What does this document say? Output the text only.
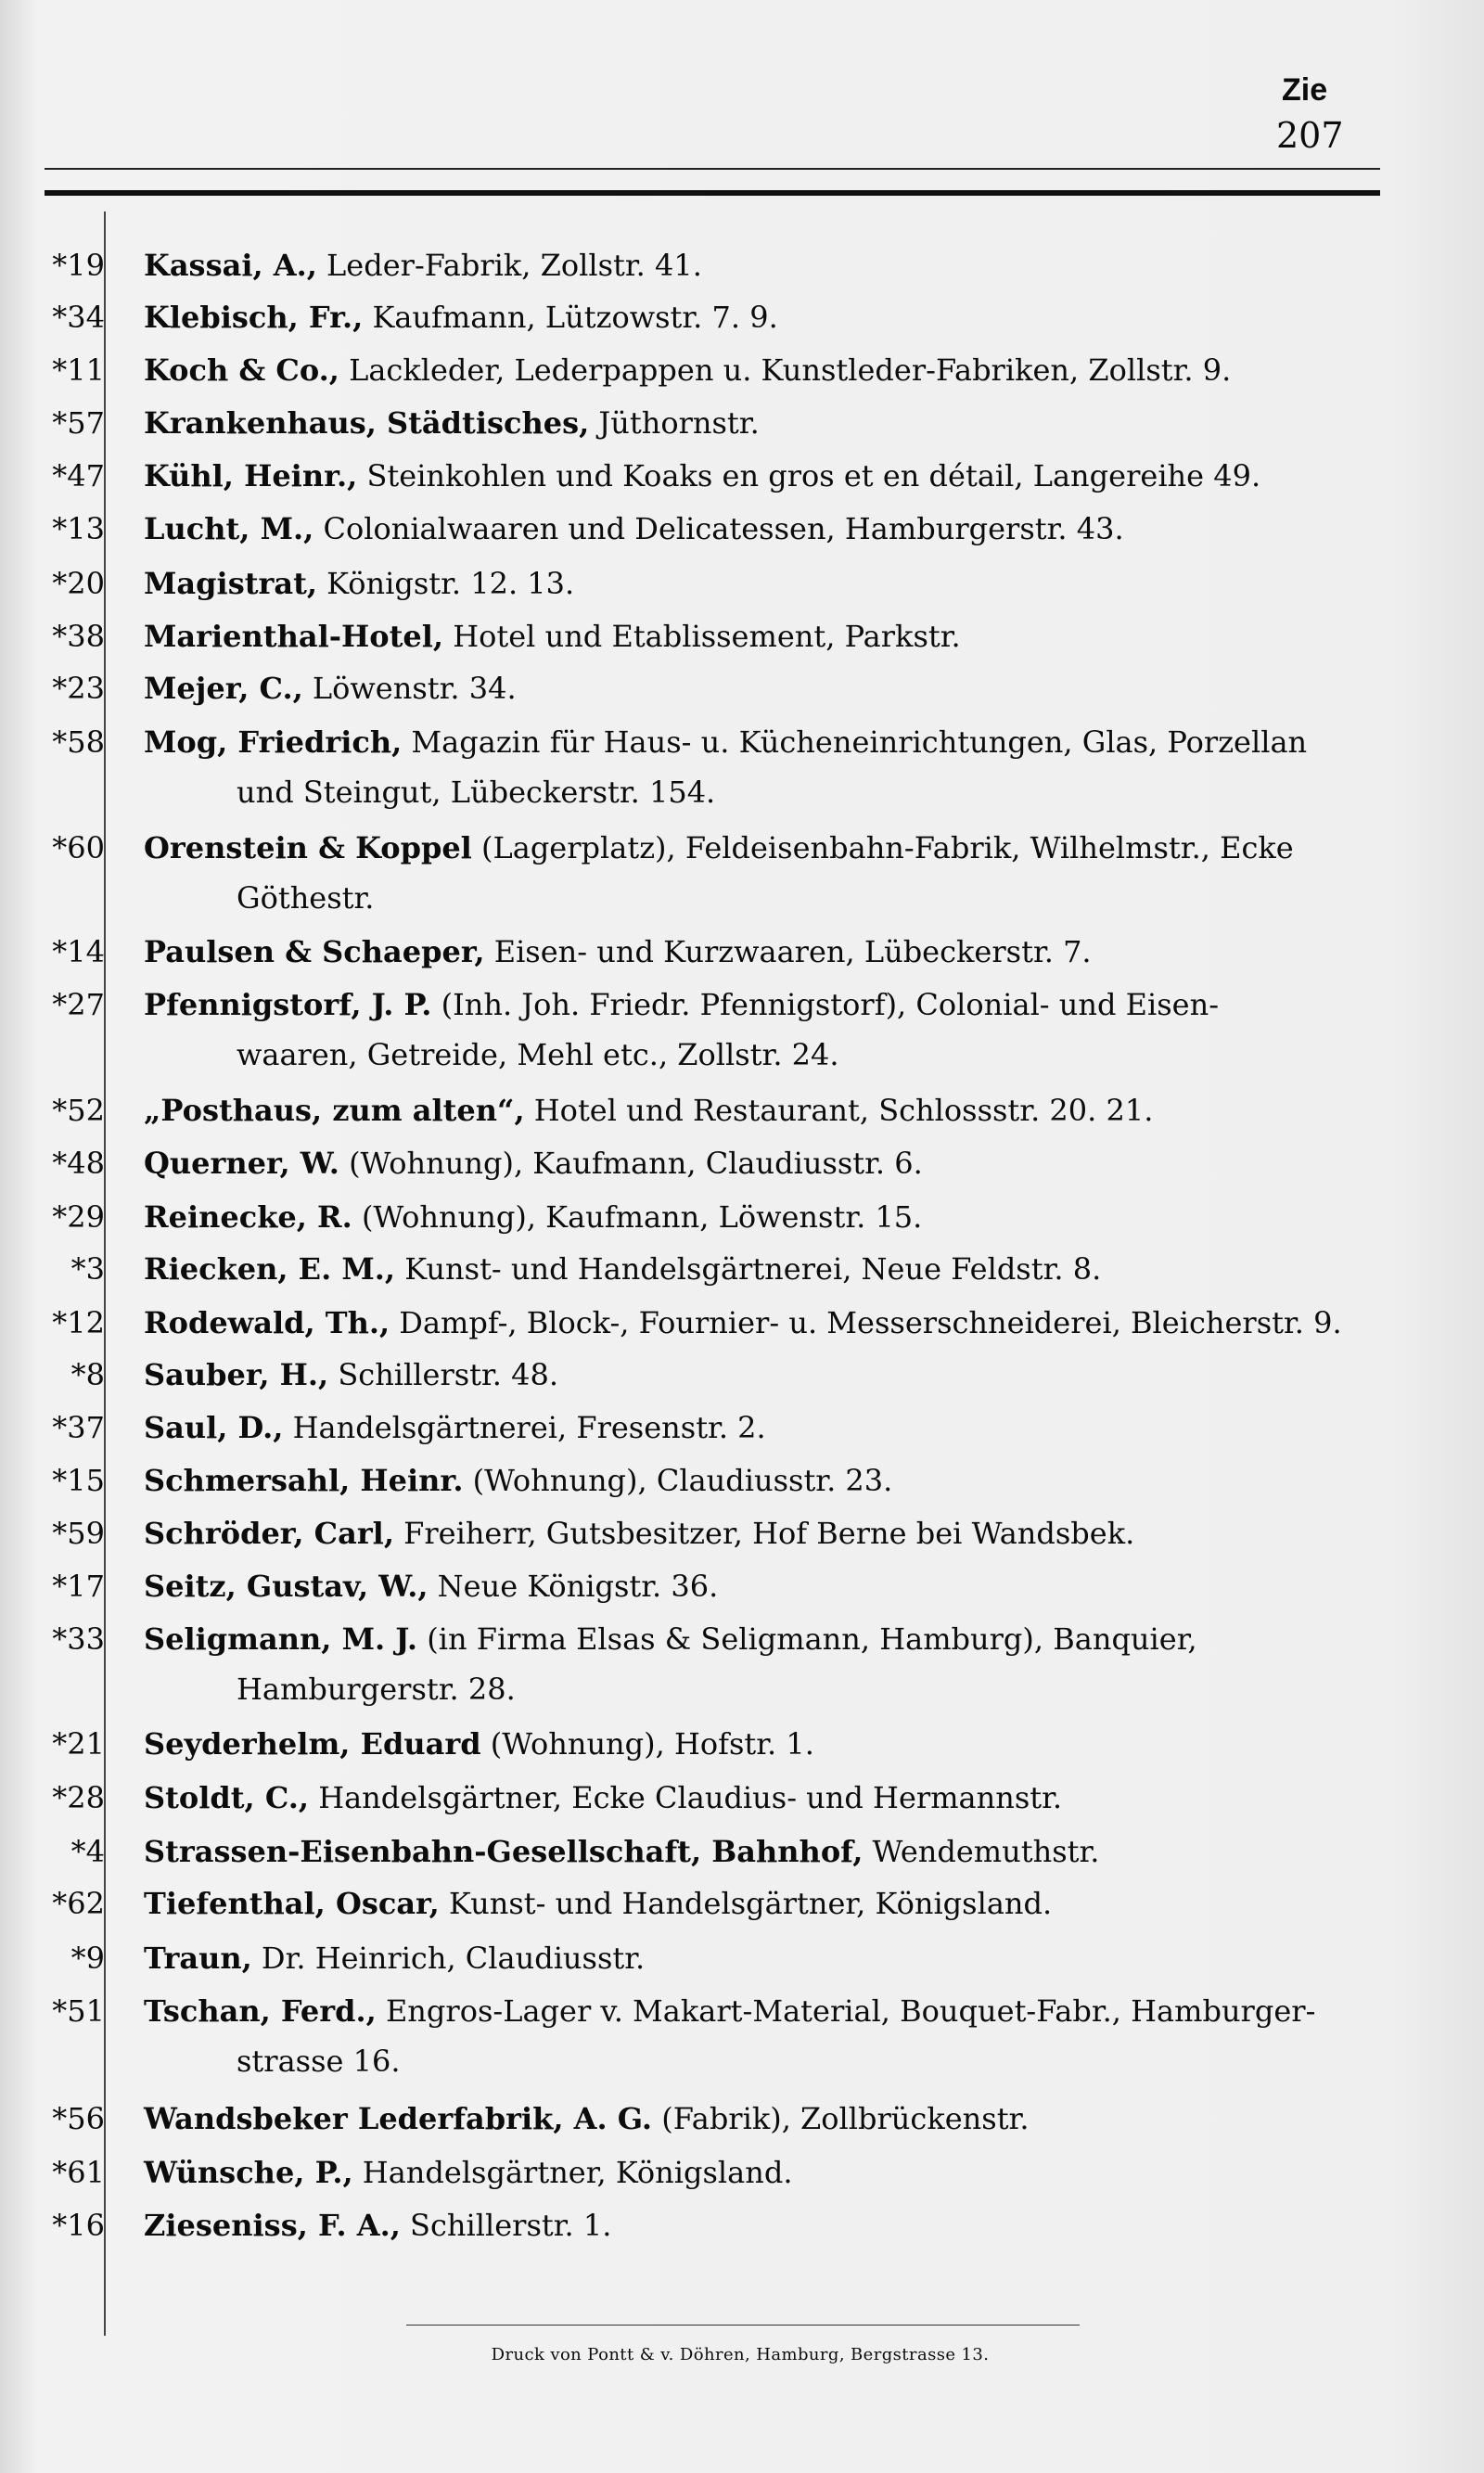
Zie
207
*19 Kassai, A., Leder-Fabrik, Zollstr. 41.
*34 Klebisch, Fr., Kaufmann, Lützowstr. 7. 9.
*11 Koch & Co., Lackleder, Lederpappen u. Kunstleder-Fabriken, Zollstr. 9.
*57 Krankenhaus, Städtisches, Jüthornstr.
*47 Kühl, Heinr., Steinkohlen und Koaks en gros et en détail, Langereihe 49.
*13 Lucht, M., Colonialwaaren und Delicatessen, Hamburgerstr. 43.
*20 Magistrat, Königstr. 12. 13.
*38 Marienthal-Hotel, Hotel und Etablissement, Parkstr.
*23 Mejer, C., Löwenstr. 34.
*58 Mog, Friedrich, Magazin für Haus- u. Kücheneinrichtungen, Glas, Porzellan
und Steingut, Lübeckerstr. 154.
*60 Orenstein & Koppel (Lagerplatz), Feldeisenbahn-Fabrik, Wilhelmstr., Ecke
Göthestr.
*14 Paulsen & Schaeper, Eisen- und Kurzwaaren, Lübeckerstr. 7.
*27 Pfennigstorf, J. P. (Inh. Joh. Friedr. Pfennigstorf), Colonial- und Eisen-
waaren, Getreide, Mehl etc., Zollstr. 24.
*52 „Posthaus, zum alten“, Hotel und Restaurant, Schlossstr. 20. 21.
*48 Querner, W. (Wohnung), Kaufmann, Claudiusstr. 6.
*29 Reinecke, R. (Wohnung), Kaufmann, Löwenstr. 15.
*3 Riecken, E. M., Kunst- und Handelsgärtnerei, Neue Feldstr. 8.
*12 Rodewald, Th., Dampf-, Block-, Fournier- u. Messerschneiderei, Bleicherstr. 9.
*8 Sauber, H., Schillerstr. 48.
*37 Saul, D., Handelsgärtnerei, Fresenstr. 2.
*15 Schmersahl, Heinr. (Wohnung), Claudiusstr. 23.
*59 Schröder, Carl, Freiherr, Gutsbesitzer, Hof Berne bei Wandsbek.
*17 Seitz, Gustav, W., Neue Königstr. 36.
*33 Seligmann, M. J. (in Firma Elsas & Seligmann, Hamburg), Banquier,
Hamburgerstr. 28.
*21 Seyderhelm, Eduard (Wohnung), Hofstr. 1.
*28 Stoldt, C., Handelsgärtner, Ecke Claudius- und Hermannstr.
*4 Strassen-Eisenbahn-Gesellschaft, Bahnhof, Wendemuthstr.
*62 Tiefenthal, Oscar, Kunst- und Handelsgärtner, Königsland.
*9 Traun, Dr. Heinrich, Claudiusstr.
*51 Tschan, Ferd., Engros-Lager v. Makart-Material, Bouquet-Fabr., Hamburger-
strasse 16.
*56 Wandsbeker Lederfabrik, A. G. (Fabrik), Zollbrückenstr.
*61 Wünsche, P., Handelsgärtner, Königsland.
*16 Zieseniss, F. A., Schillerstr. 1.
Druck von Pontt & v. Döhren, Hamburg, Bergstrasse 13.
